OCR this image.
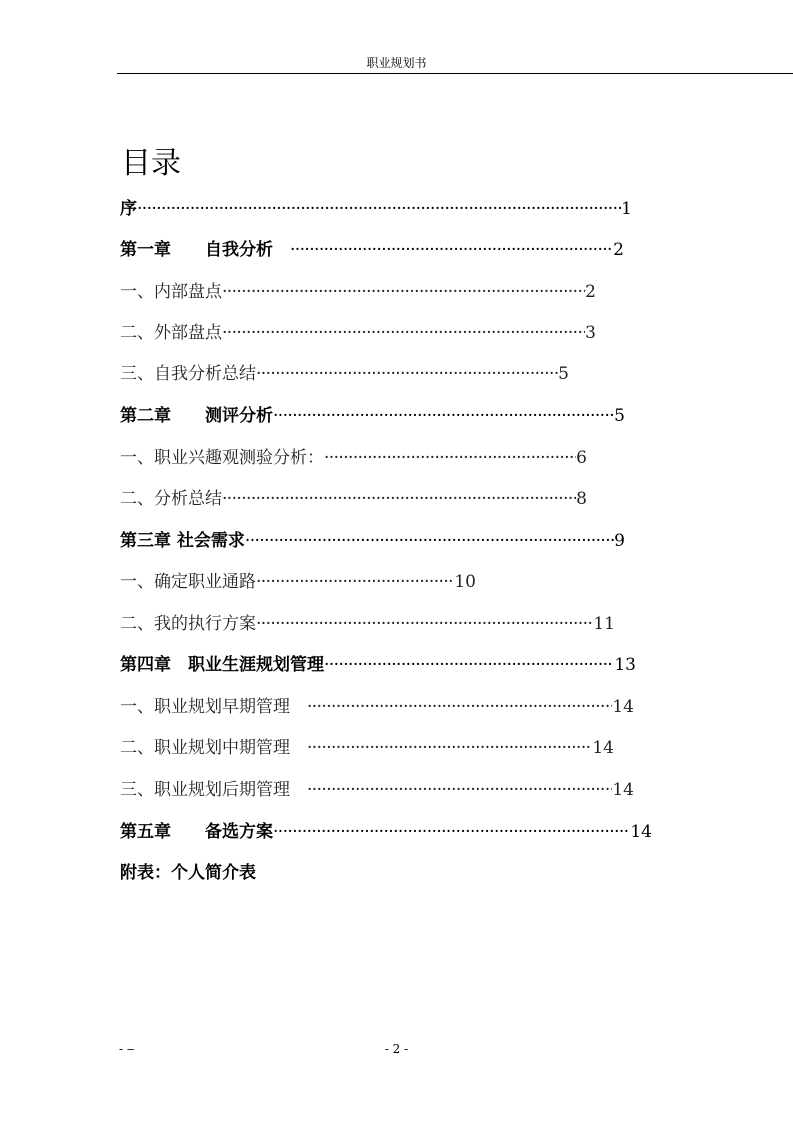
职业规划书
目录
序 ·····	1
第一章　　自我分析　 ·····	2
一、内部盘点 ·····	2
二、外部盘点 ·····	3
三、自我分析总结 ·····	5
第二章　　测评分析 ·····	5
一、职业兴趣观测验分析： ·····	6
二、分析总结 ·····	8
第三章 社会需求 ·····	9
一、确定职业通路 ·····	10
二、我的执行方案 ·····	11
第四章　职业生涯规划管理 ·····	13
一、职业规划早期管理　 ·····	14
二、职业规划中期管理　 ·····	14
三、职业规划后期管理　 ·····	14
第五章　　备选方案 ·····	14
附表：个人简介表
- ‒	- 2 -
